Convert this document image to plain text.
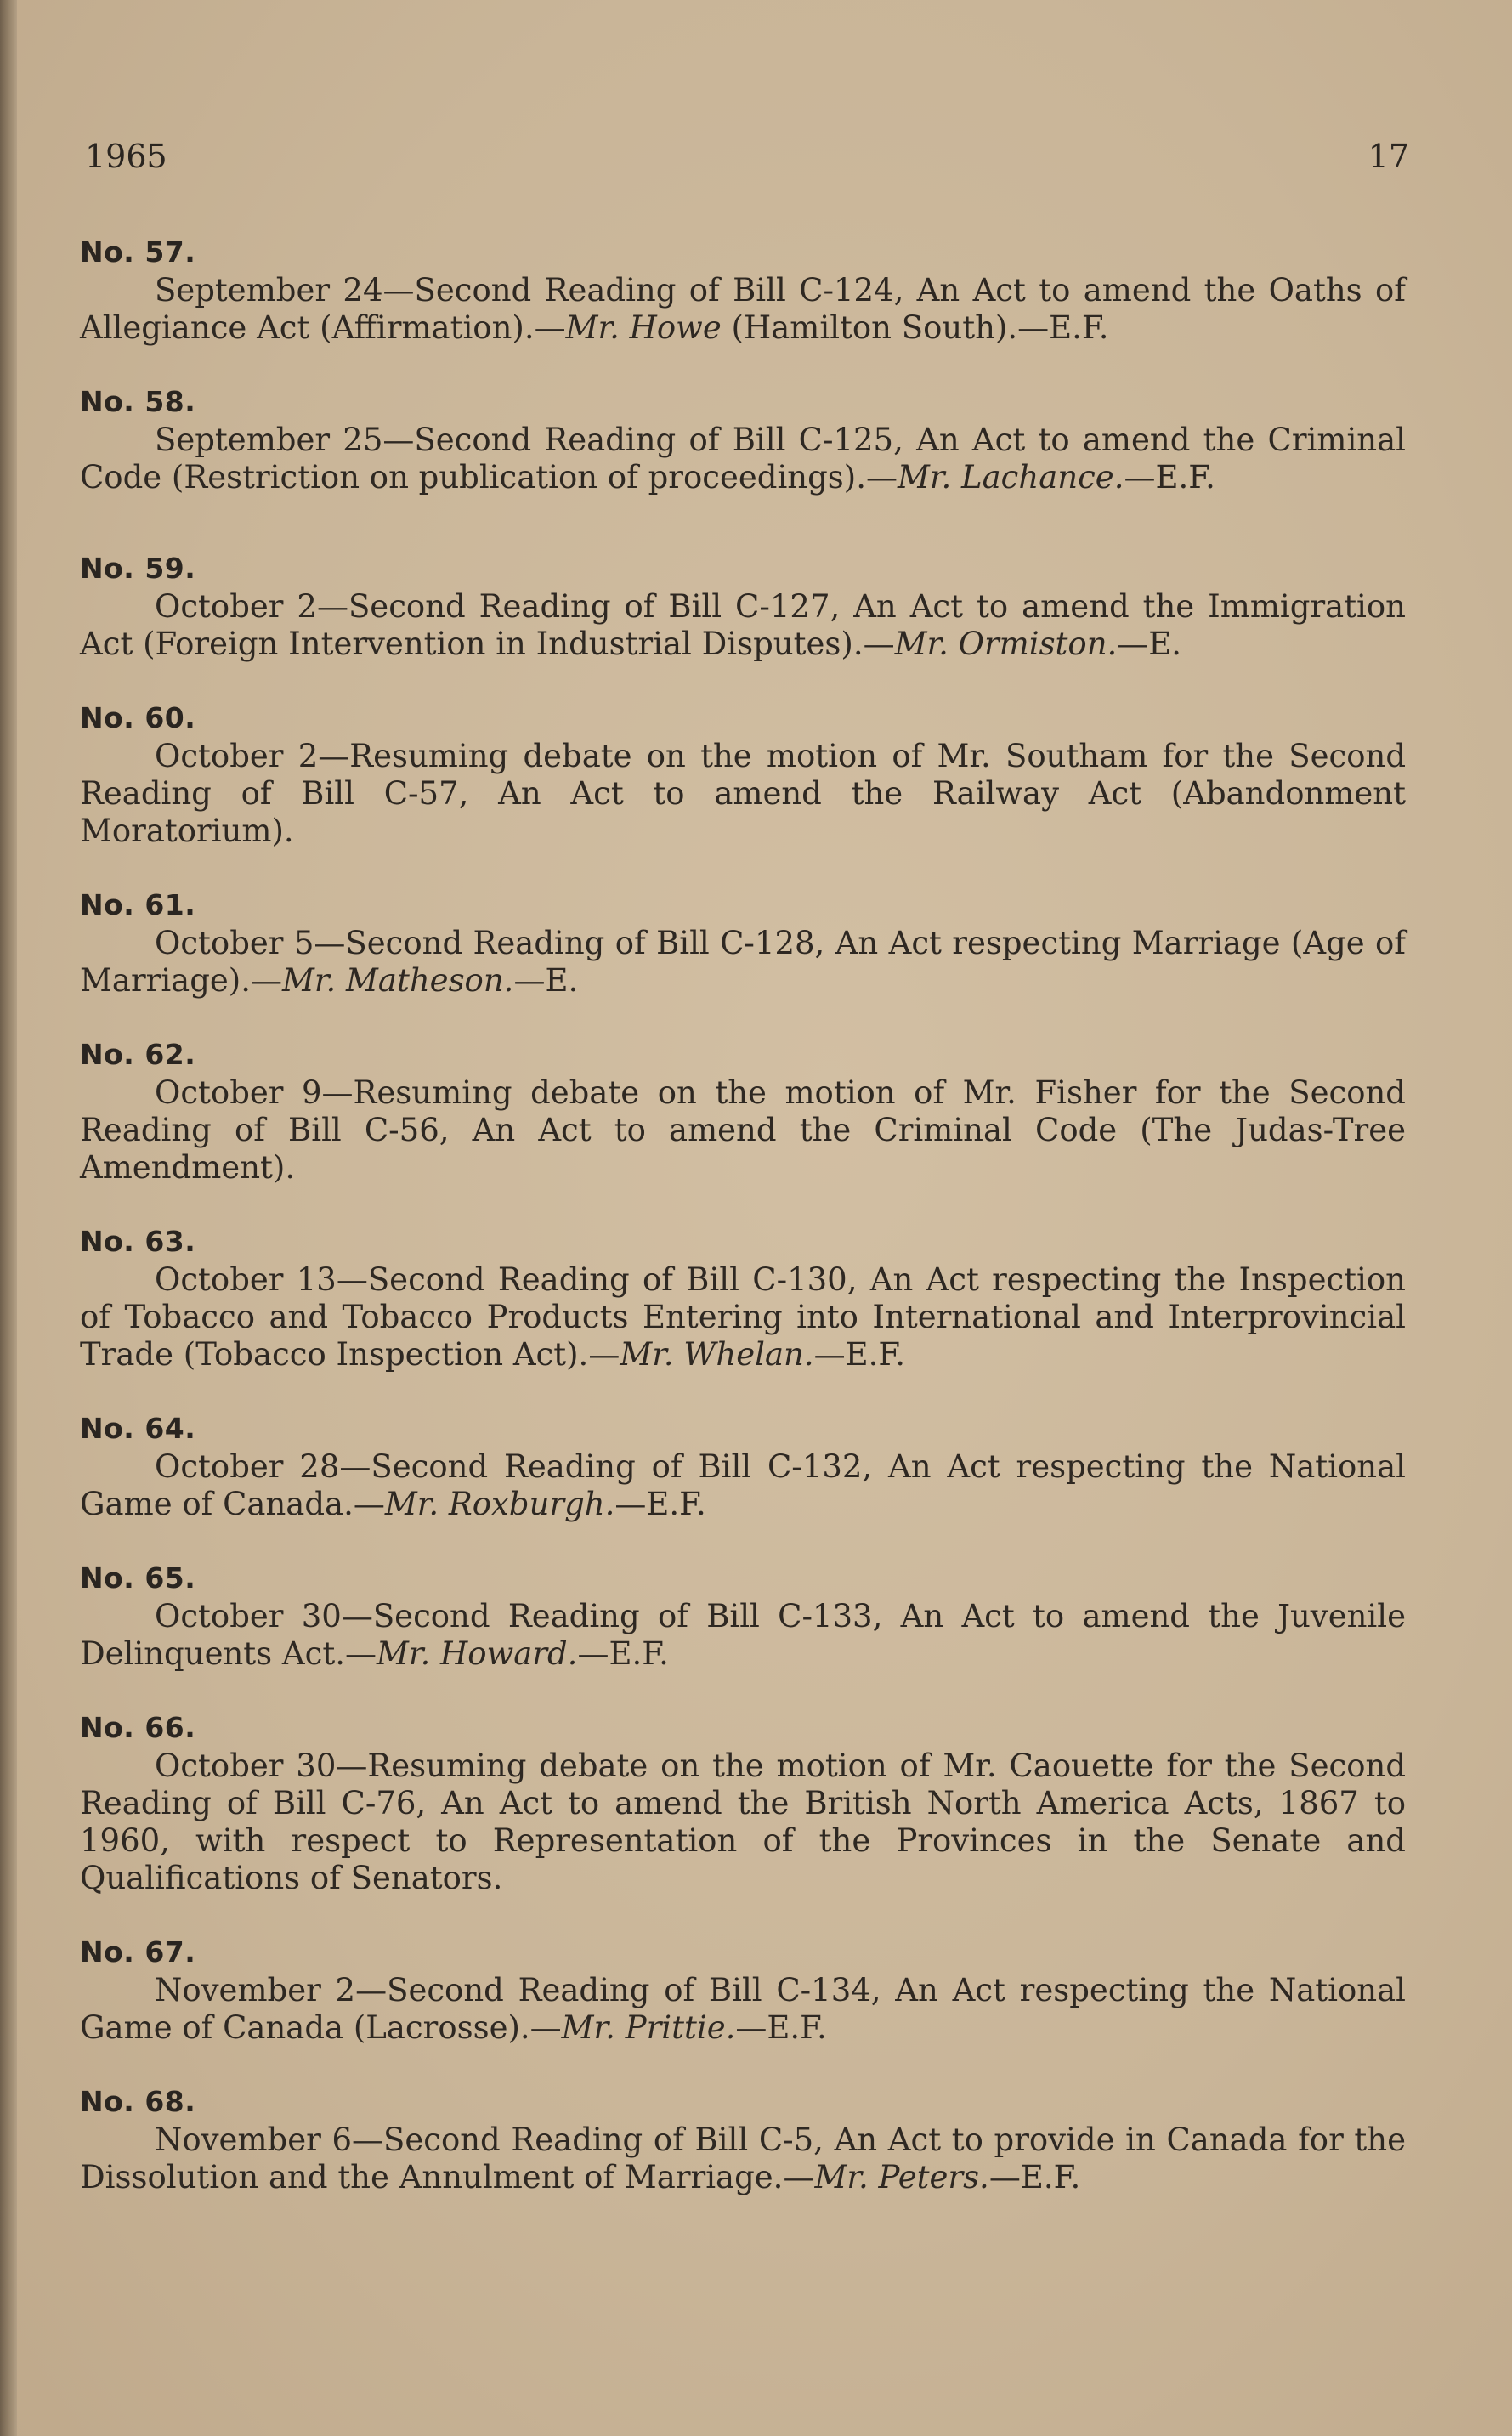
1965	17
No. 57.
September 24—Second Reading of Bill C-124, An Act to amend the Oaths of Allegiance Act (Affirmation).—Mr. Howe (Hamilton South).—E.F.
No. 58.
September 25—Second Reading of Bill C-125, An Act to amend the Criminal Code (Restriction on publication of proceedings).—Mr. Lachance.—E.F.
No. 59.
October 2—Second Reading of Bill C-127, An Act to amend the Immigration Act (Foreign Intervention in Industrial Disputes).—Mr. Ormiston.—E.
No. 60.
October 2—Resuming debate on the motion of Mr. Southam for the Second Reading of Bill C-57, An Act to amend the Railway Act (Abandonment Moratorium).
No. 61.
October 5—Second Reading of Bill C-128, An Act respecting Marriage (Age of Marriage).—Mr. Matheson.—E.
No. 62.
October 9—Resuming debate on the motion of Mr. Fisher for the Second Reading of Bill C-56, An Act to amend the Criminal Code (The Judas-Tree Amendment).
No. 63.
October 13—Second Reading of Bill C-130, An Act respecting the Inspection of Tobacco and Tobacco Products Entering into International and Interprovincial Trade (Tobacco Inspection Act).—Mr. Whelan.—E.F.
No. 64.
October 28—Second Reading of Bill C-132, An Act respecting the National Game of Canada.—Mr. Roxburgh.—E.F.
No. 65.
October 30—Second Reading of Bill C-133, An Act to amend the Juvenile Delinquents Act.—Mr. Howard.—E.F.
No. 66.
October 30—Resuming debate on the motion of Mr. Caouette for the Second Reading of Bill C-76, An Act to amend the British North America Acts, 1867 to 1960, with respect to Representation of the Provinces in the Senate and Qualifications of Senators.
No. 67.
November 2—Second Reading of Bill C-134, An Act respecting the National Game of Canada (Lacrosse).—Mr. Prittie.—E.F.
No. 68.
November 6—Second Reading of Bill C-5, An Act to provide in Canada for the Dissolution and the Annulment of Marriage.—Mr. Peters.—E.F.
